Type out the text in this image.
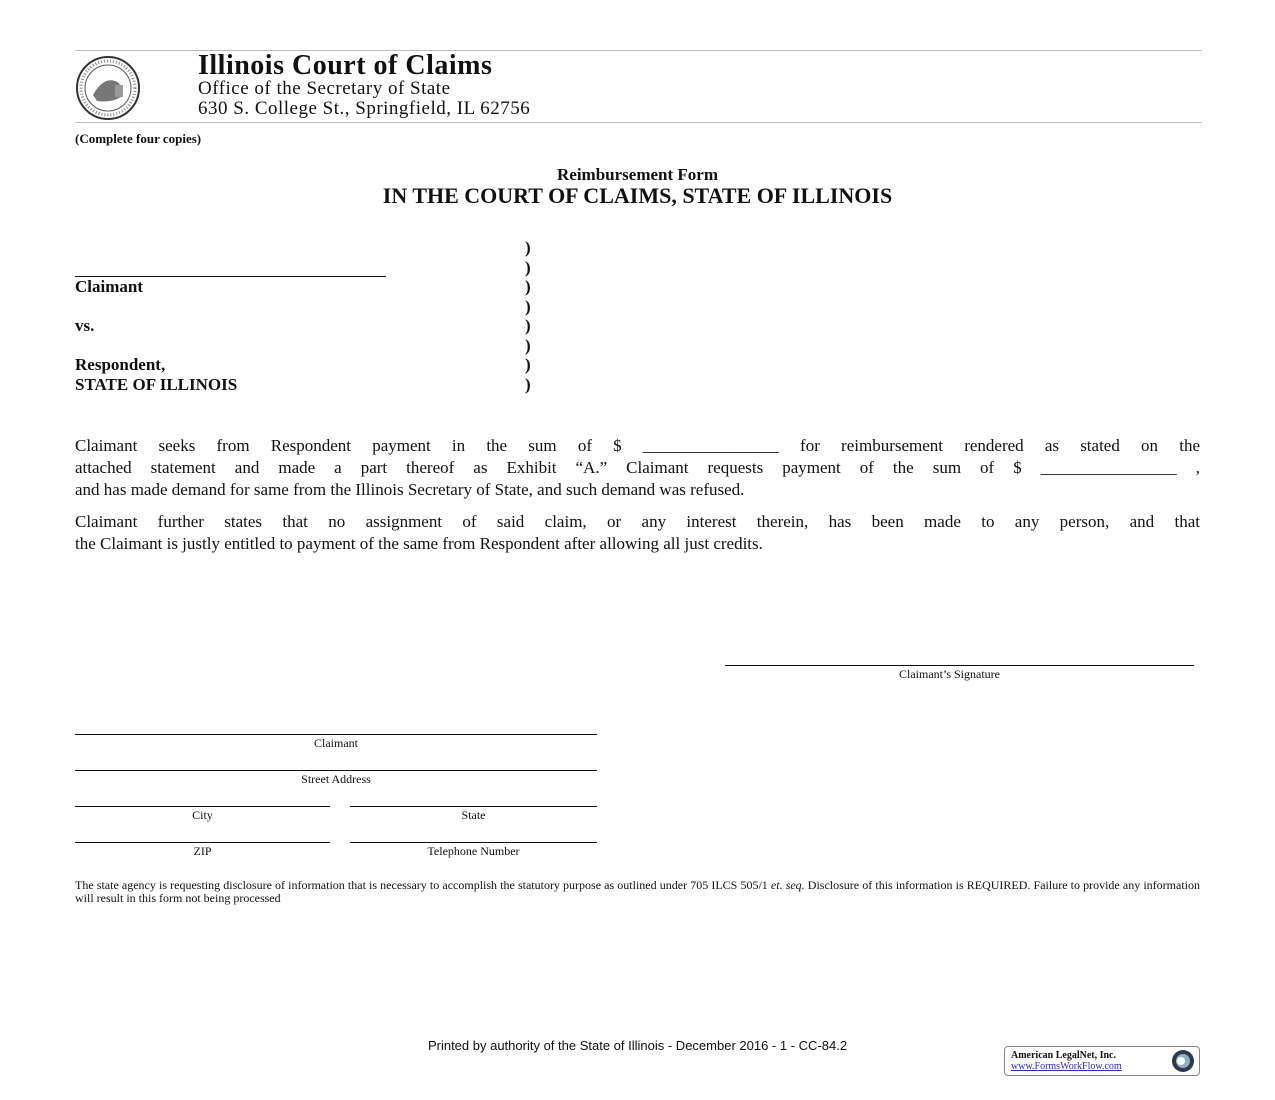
Illinois Court of Claims
Office of the Secretary of State
630 S. College St., Springfield, IL 62756
(Complete four copies)
Reimbursement Form
IN THE COURT OF CLAIMS, STATE OF ILLINOIS
Claimant
vs.
Respondent,
STATE OF ILLINOIS
)
)
)
)
)
)
)
)
Claimant seeks from Respondent payment in the sum of $ ________________ for reimbursement rendered as stated on the
attached statement and made a part thereof as Exhibit “A.” Claimant requests payment of the sum of $ ________________ ,
and has made demand for same from the Illinois Secretary of State, and such demand was refused.
Claimant further states that no assignment of said claim, or any interest therein, has been made to any person, and that
the Claimant is justly entitled to payment of the same from Respondent after allowing all just credits.
Claimant’s Signature
Claimant
Street Address
City	State
ZIP	Telephone Number
The state agency is requesting disclosure of information that is necessary to accomplish the statutory purpose as outlined under 705 ILCS 505/1 et. seq. Disclosure of this information is REQUIRED. Failure to provide any information will result in this form not being processed
Printed by authority of the State of Illinois - December 2016 - 1 - CC-84.2
American LegalNet, Inc.
www.FormsWorkFlow.com
